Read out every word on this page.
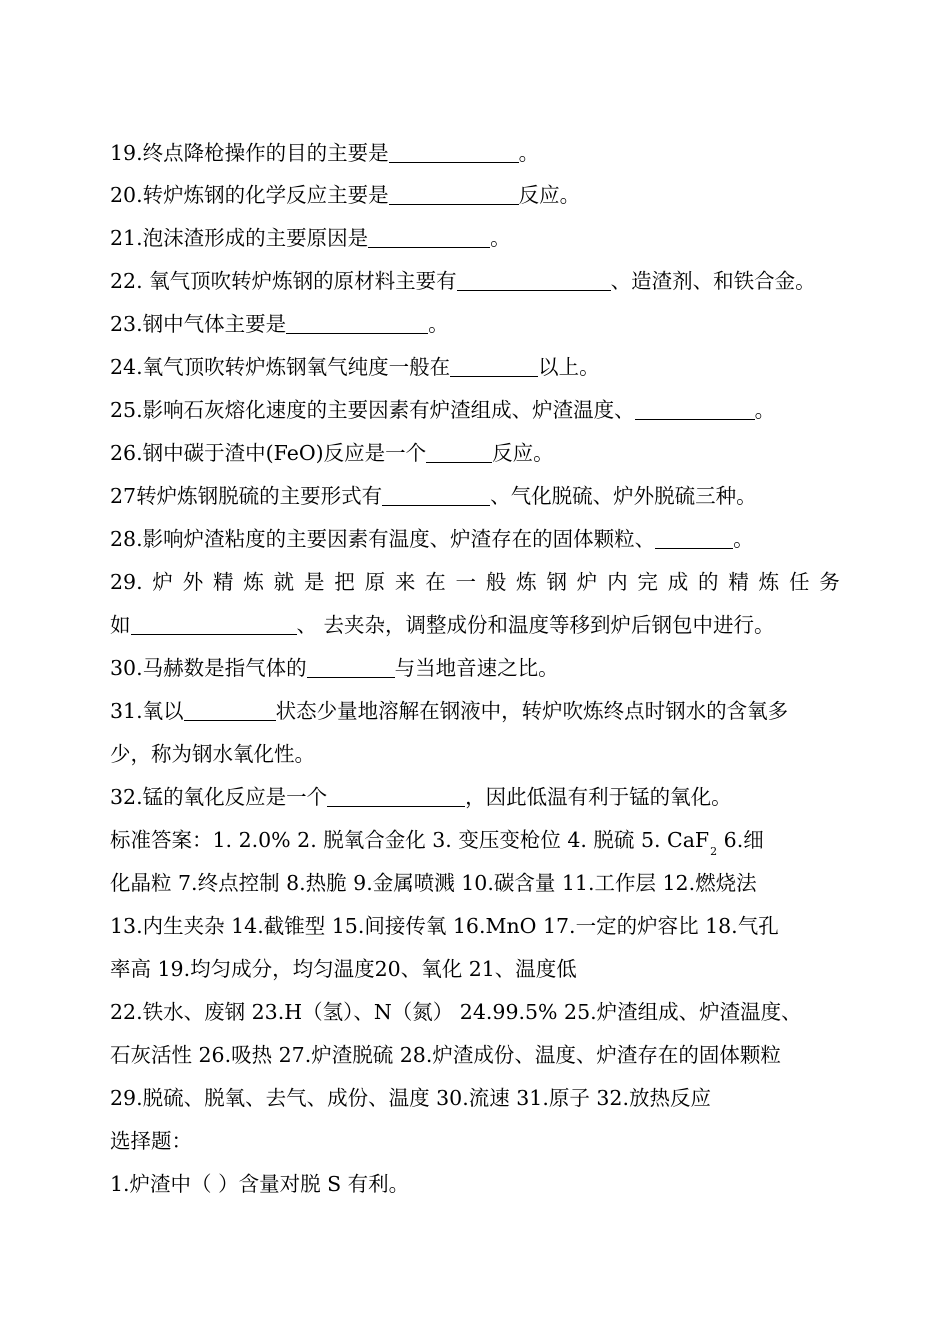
19.终点降枪操作的目的主要是	。
20.转炉炼钢的化学反应主要是	反应。
21.泡沫渣形成的主要原因是	。
22. 氧气顶吹转炉炼钢的原材料主要有	、造渣剂、和铁合金。
23.钢中气体主要是	。
24.氧气顶吹转炉炼钢氧气纯度一般在	以上。
25.影响石灰熔化速度的主要因素有炉渣组成、炉渣温度、	。
26.钢中碳于渣中(FeO)反应是一个	反应。
27转炉炼钢脱硫的主要形式有	、气化脱硫、炉外脱硫三种。
28.影响炉渣粘度的主要因素有温度、炉渣存在的固体颗粒、	。
29. 炉 外 精 炼 就 是 把 原 来 在 一 般 炼 钢 炉 内 完 成 的 精 炼 任 务
如	、 去夹杂，调整成份和温度等移到炉后钢包中进行。
30.马赫数是指气体的	与当地音速之比。
31.氧以	状态少量地溶解在钢液中，转炉吹炼终点时钢水的含氧多
少，称为钢水氧化性。
32.锰的氧化反应是一个	，因此低温有利于锰的氧化。
标准答案：1. 2.0% 2. 脱氧合金化 3. 变压变枪位 4. 脱硫 5. CaF$_2$ 6.细
化晶粒 7.终点控制 8.热脆 9.金属喷溅 10.碳含量 11.工作层 12.燃烧法
13.内生夹杂 14.截锥型 15.间接传氧 16.MnO 17.一定的炉容比 18.气孔
率高 19.均匀成分，均匀温度20、氧化 21、温度低
22.铁水、废钢 23.H（氢）、N（氮） 24.99.5% 25.炉渣组成、炉渣温度、
石灰活性 26.吸热 27.炉渣脱硫 28.炉渣成份、温度、炉渣存在的固体颗粒
29.脱硫、脱氧、去气、成份、温度 30.流速 31.原子 32.放热反应
选择题：
1.炉渣中（ ）含量对脱 S 有利。
